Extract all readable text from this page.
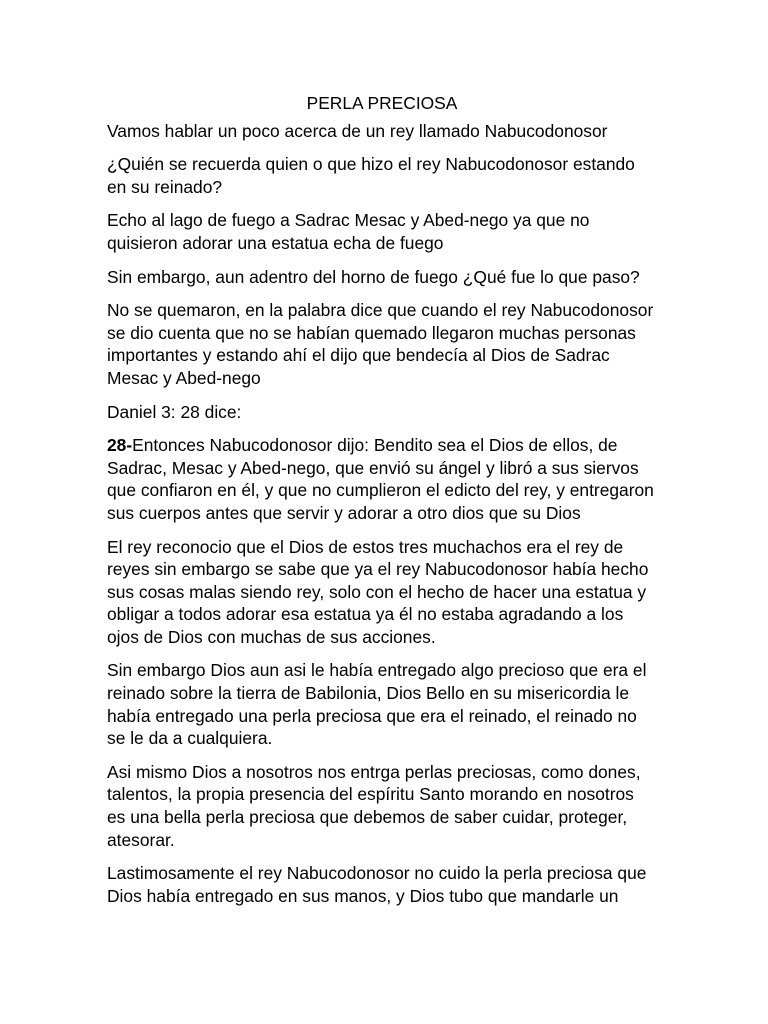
PERLA PRECIOSA
Vamos hablar un poco acerca de un rey llamado Nabucodonosor
¿Quién se recuerda quien o que hizo el rey Nabucodonosor estando
en su reinado?
Echo al lago de fuego a Sadrac Mesac y Abed-nego ya que no
quisieron adorar una estatua echa de fuego
Sin embargo, aun adentro del horno de fuego ¿Qué fue lo que paso?
No se quemaron, en la palabra dice que cuando el rey Nabucodonosor
se dio cuenta que no se habían quemado llegaron muchas personas
importantes y estando ahí el dijo que bendecía al Dios de Sadrac
Mesac y Abed-nego
Daniel 3: 28 dice:
28-Entonces Nabucodonosor dijo: Bendito sea el Dios de ellos, de
Sadrac, Mesac y Abed-nego, que envió su ángel y libró a sus siervos
que confiaron en él, y que no cumplieron el edicto del rey, y entregaron
sus cuerpos antes que servir y adorar a otro dios que su Dios
El rey reconocio que el Dios de estos tres muchachos era el rey de
reyes sin embargo se sabe que ya el rey Nabucodonosor había hecho
sus cosas malas siendo rey, solo con el hecho de hacer una estatua y
obligar a todos adorar esa estatua ya él no estaba agradando a los
ojos de Dios con muchas de sus acciones.
Sin embargo Dios aun asi le había entregado algo precioso que era el
reinado sobre la tierra de Babilonia, Dios Bello en su misericordia le
había entregado una perla preciosa que era el reinado, el reinado no
se le da a cualquiera.
Asi mismo Dios a nosotros nos entrga perlas preciosas, como dones,
talentos, la propia presencia del espíritu Santo morando en nosotros
es una bella perla preciosa que debemos de saber cuidar, proteger,
atesorar.
Lastimosamente el rey Nabucodonosor no cuido la perla preciosa que
Dios había entregado en sus manos, y Dios tubo que mandarle un
